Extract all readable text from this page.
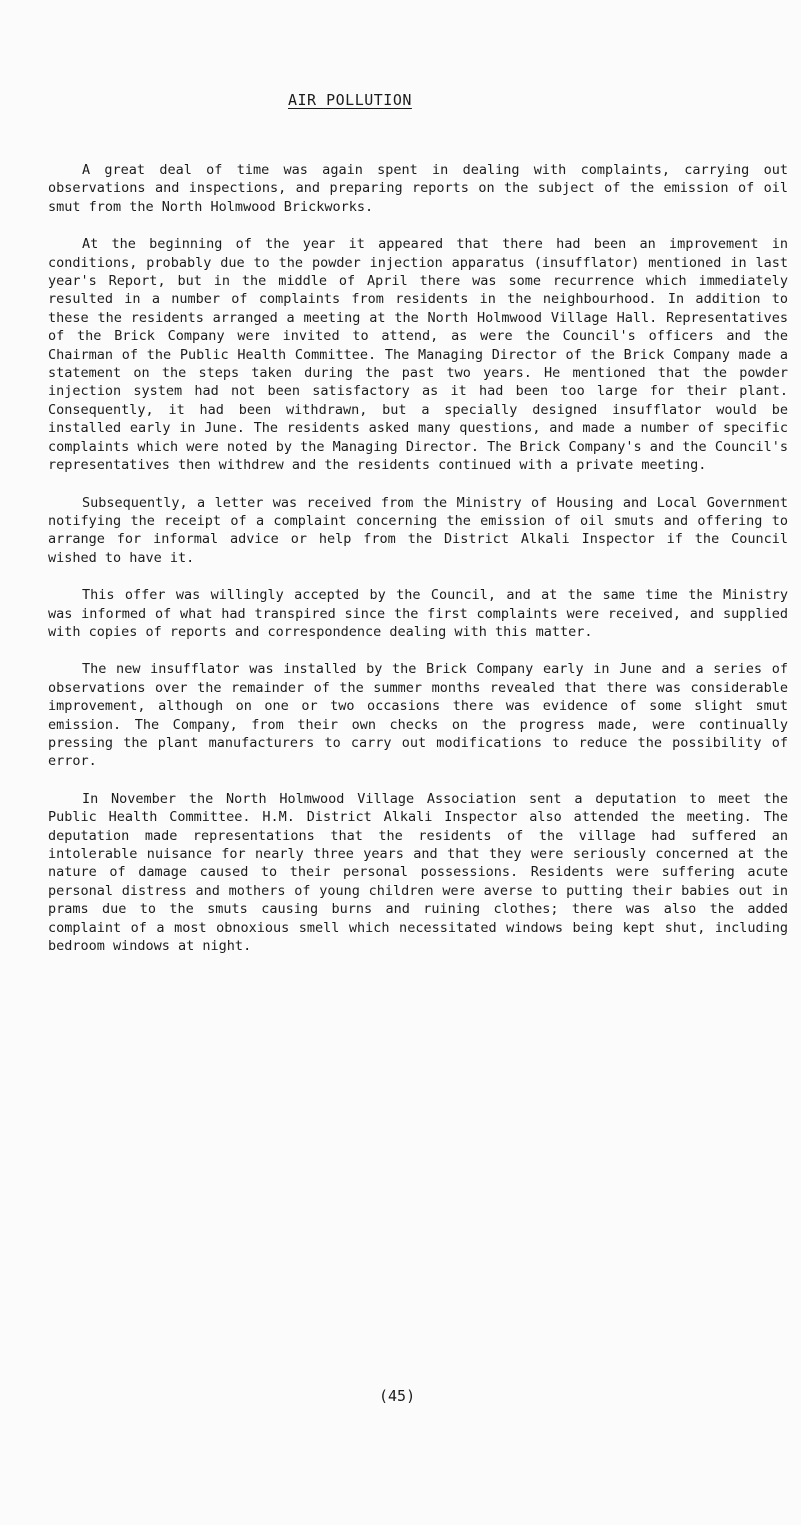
AIR POLLUTION

A great deal of time was again spent in dealing with complaints, carrying out observations and inspections, and preparing reports on the subject of the emission of oil smut from the North Holmwood Brickworks.

At the beginning of the year it appeared that there had been an improvement in conditions, probably due to the powder injection apparatus (insufflator) mentioned in last year's Report, but in the middle of April there was some recurrence which immediately resulted in a number of complaints from residents in the neighbourhood. In addition to these the residents arranged a meeting at the North Holmwood Village Hall. Representatives of the Brick Company were invited to attend, as were the Council's officers and the Chairman of the Public Health Committee. The Managing Director of the Brick Company made a statement on the steps taken during the past two years. He mentioned that the powder injection system had not been satisfactory as it had been too large for their plant. Consequently, it had been withdrawn, but a specially designed insufflator would be installed early in June. The residents asked many questions, and made a number of specific complaints which were noted by the Managing Director. The Brick Company's and the Council's representatives then withdrew and the residents continued with a private meeting.

Subsequently, a letter was received from the Ministry of Housing and Local Government notifying the receipt of a complaint concerning the emission of oil smuts and offering to arrange for informal advice or help from the District Alkali Inspector if the Council wished to have it.

This offer was willingly accepted by the Council, and at the same time the Ministry was informed of what had transpired since the first complaints were received, and supplied with copies of reports and correspondence dealing with this matter.

The new insufflator was installed by the Brick Company early in June and a series of observations over the remainder of the summer months revealed that there was considerable improvement, although on one or two occasions there was evidence of some slight smut emission. The Company, from their own checks on the progress made, were continually pressing the plant manufacturers to carry out modifications to reduce the possibility of error.

In November the North Holmwood Village Association sent a deputation to meet the Public Health Committee. H.M. District Alkali Inspector also attended the meeting. The deputation made representations that the residents of the village had suffered an intolerable nuisance for nearly three years and that they were seriously concerned at the nature of damage caused to their personal possessions. Residents were suffering acute personal distress and mothers of young children were averse to putting their babies out in prams due to the smuts causing burns and ruining clothes; there was also the added complaint of a most obnoxious smell which necessitated windows being kept shut, including bedroom windows at night.

(45)
